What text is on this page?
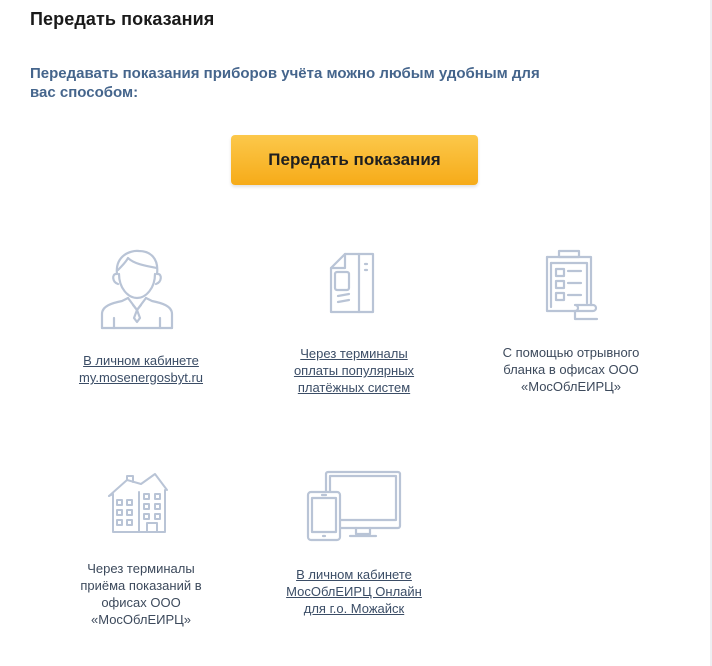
Передать показания
Передавать показания приборов учёта можно любым удобным для вас способом:
Передать показания
В личном кабинете
my.mosenergosbyt.ru
Через терминалы
оплаты популярных
платёжных систем
С помощью отрывного
бланка в офисах ООО
«МосОблЕИРЦ»
Через терминалы
приёма показаний в
офисах ООО
«МосОблЕИРЦ»
В личном кабинете
МосОблЕИРЦ Онлайн
для г.о. Можайск
